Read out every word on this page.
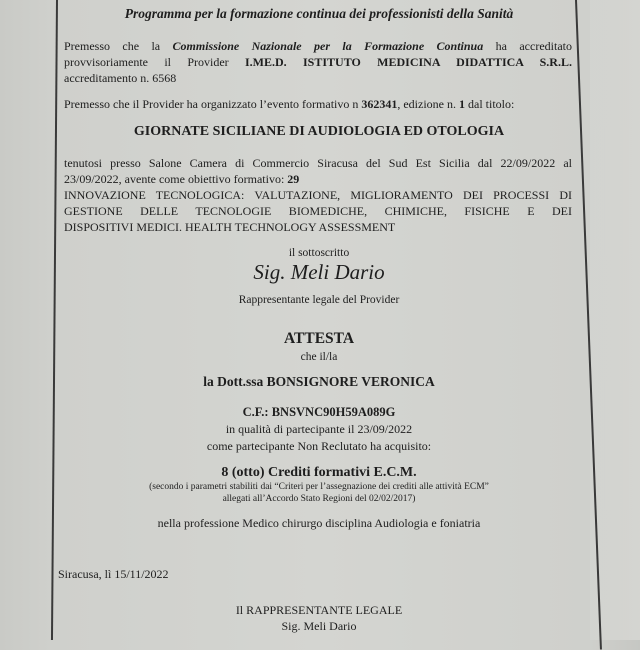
Programma per la formazione continua dei professionisti della Sanità
Premesso che la Commissione Nazionale per la Formazione Continua ha accreditato
provvisoriamente il Provider I.ME.D. ISTITUTO MEDICINA DIDATTICA S.R.L.
accreditamento n. 6568
Premesso che il Provider ha organizzato l’evento formativo n 362341, edizione n. 1 dal titolo:
GIORNATE SICILIANE DI AUDIOLOGIA ED OTOLOGIA
tenutosi presso Salone Camera di Commercio Siracusa del Sud Est Sicilia dal 22/09/2022 al
23/09/2022, avente come obiettivo formativo: 29
INNOVAZIONE TECNOLOGICA: VALUTAZIONE, MIGLIORAMENTO DEI PROCESSI DI
GESTIONE DELLE TECNOLOGIE BIOMEDICHE, CHIMICHE, FISICHE E DEI
DISPOSITIVI MEDICI. HEALTH TECHNOLOGY ASSESSMENT
il sottoscritto
Sig. Meli Dario
Rappresentante legale del Provider
ATTESTA
che il/la
la Dott.ssa BONSIGNORE VERONICA
C.F.: BNSVNC90H59A089G
in qualità di partecipante il 23/09/2022
come partecipante Non Reclutato ha acquisito:
8 (otto) Crediti formativi E.C.M.
(secondo i parametri stabiliti dai “Criteri per l’assegnazione dei crediti alle attività ECM”
allegati all’Accordo Stato Regioni del 02/02/2017)
nella professione Medico chirurgo disciplina Audiologia e foniatria
Siracusa, lì 15/11/2022
Il RAPPRESENTANTE LEGALE
Sig. Meli Dario
